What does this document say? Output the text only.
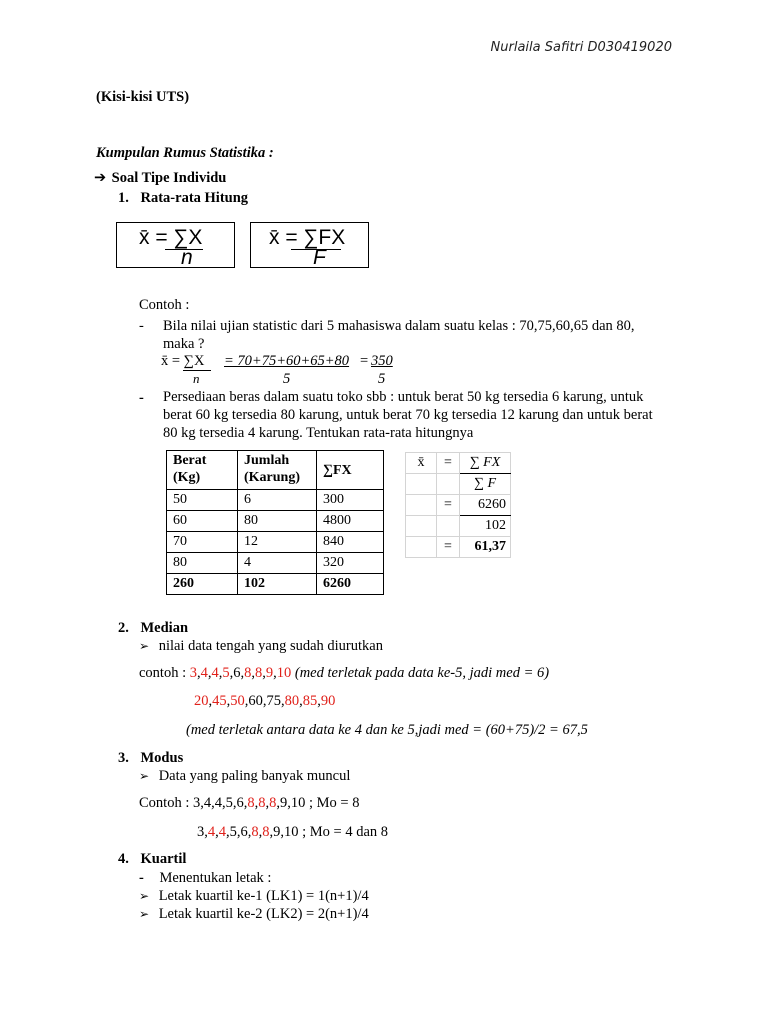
Nurlaila Safitri D030419020
(Kisi-kisi UTS)
Kumpulan Rumus Statistika :
➔ Soal Tipe Individu
1. Rata-rata Hitung
x̄ = ∑X
n
x̄ = ∑FX
F
Contoh :
- Bila nilai ujian statistic dari 5 mahasiswa dalam suatu kelas : 70,75,60,65 dan 80,
maka ?
x̄ = ∑X = 70+75+60+65+80 = 350
n	5	5
- Persediaan beras dalam suatu toko sbb : untuk berat 50 kg tersedia 6 karung, untuk
berat 60 kg tersedia 80 karung, untuk berat 70 kg tersedia 12 karung dan untuk berat
80 kg tersedia 4 karung. Tentukan rata-rata hitungnya
Berat
(Kg)	Jumlah
(Karung)	∑FX

50	6	300
60	80	4800
70	12	840
80	4	320
260	102	6260
x̄	=	∑ FX
		∑ F
	=	6260
		102
	=	61,37
2. Median
➢ nilai data tengah yang sudah diurutkan
contoh : 3,4,4,5,6,8,8,9,10 (med terletak pada data ke-5, jadi med = 6)
20,45,50,60,75,80,85,90
(med terletak antara data ke 4 dan ke 5,jadi med = (60+75)/2 = 67,5
3. Modus
➢ Data yang paling banyak muncul
Contoh : 3,4,4,5,6,8,8,8,9,10 ; Mo = 8
3,4,4,5,6,8,8,9,10 ; Mo = 4 dan 8
4. Kuartil
- Menentukan letak :
➢ Letak kuartil ke-1 (LK1) = 1(n+1)/4
➢ Letak kuartil ke-2 (LK2) = 2(n+1)/4
